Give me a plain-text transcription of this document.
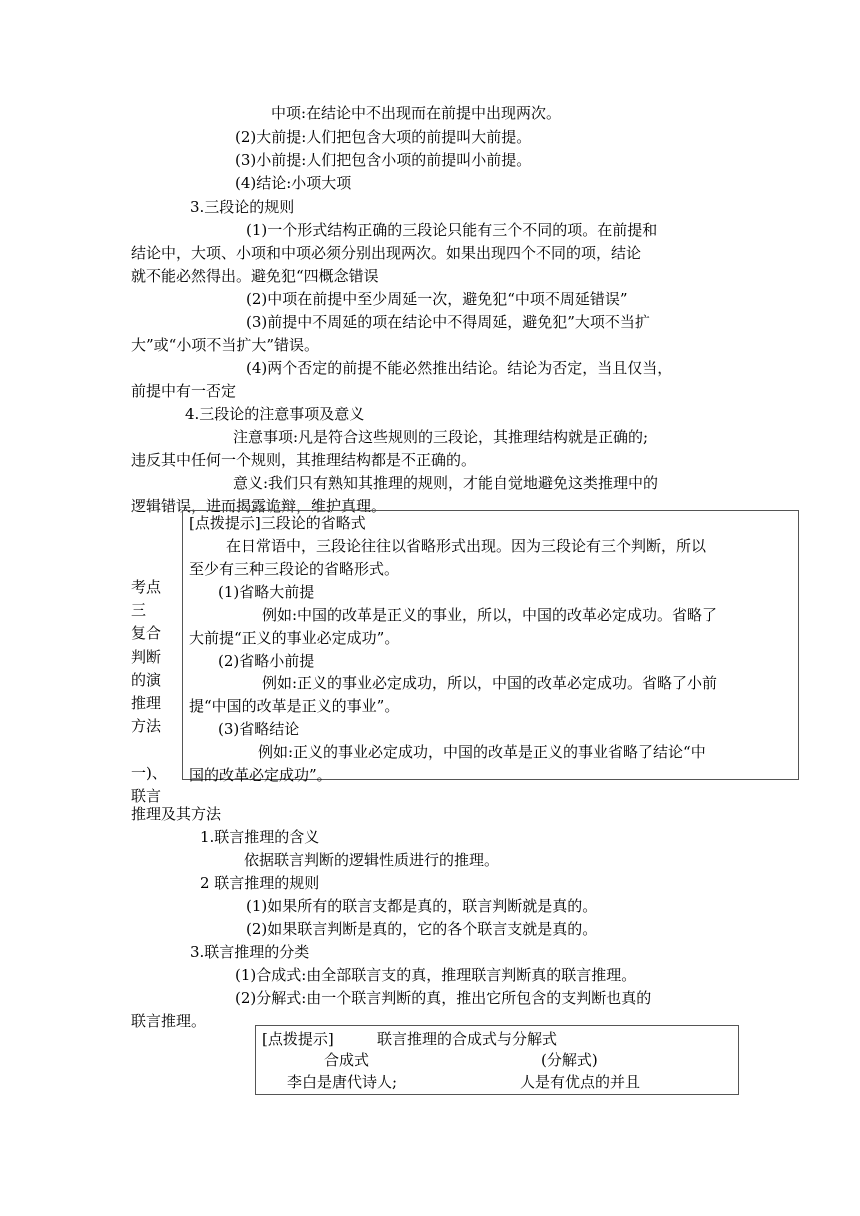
中项:在结论中不出现而在前提中出现两次。
(2)大前提:人们把包含大项的前提叫大前提。
(3)小前提:人们把包含小项的前提叫小前提。
(4)结论:小项大项
3.三段论的规则
(1)一个形式结构正确的三段论只能有三个不同的项。在前提和
结论中，大项、小项和中项必须分别出现两次。如果出现四个不同的项，结论
就不能必然得出。避免犯“四概念错误
(2)中项在前提中至少周延一次，避免犯“中项不周延错误”
(3)前提中不周延的项在结论中不得周延，避免犯”大项不当扩
大”或“小项不当扩大”错误。
(4)两个否定的前提不能必然推出结论。结论为否定，当且仅当，
前提中有一否定
4.三段论的注意事项及意义
注意事项:凡是符合这些规则的三段论，其推理结构就是正确的;
违反其中任何一个规则，其推理结构都是不正确的。
意义:我们只有熟知其推理的规则，才能自觉地避免这类推理中的
逻辑错误，进而揭露诡辩，维护真理。
考点
三
复合
判断
的演
推理
方法
一)、
联言
[点拨提示]三段论的省略式
在日常语中，三段论往往以省略形式出现。因为三段论有三个判断，所以
至少有三种三段论的省略形式。
(1)省略大前提
例如:中国的改革是正义的事业，所以，中国的改革必定成功。省略了
大前提“正义的事业必定成功”。
(2)省略小前提
例如:正义的事业必定成功，所以，中国的改革必定成功。省略了小前
提“中国的改革是正义的事业”。
(3)省略结论
例如:正义的事业必定成功，中国的改革是正义的事业省略了结论“中
国的改革必定成功”。
推理及其方法
1.联言推理的含义
依据联言判断的逻辑性质进行的推理。
2 联言推理的规则
(1)如果所有的联言支都是真的，联言判断就是真的。
(2)如果联言判断是真的，它的各个联言支就是真的。
3.联言推理的分类
(1)合成式:由全部联言支的真，推理联言判断真的联言推理。
(2)分解式:由一个联言判断的真，推出它所包含的支判断也真的
联言推理。
[点拨提示]	联言推理的合成式与分解式
合成式	(分解式)
李白是唐代诗人;	人是有优点的并且
